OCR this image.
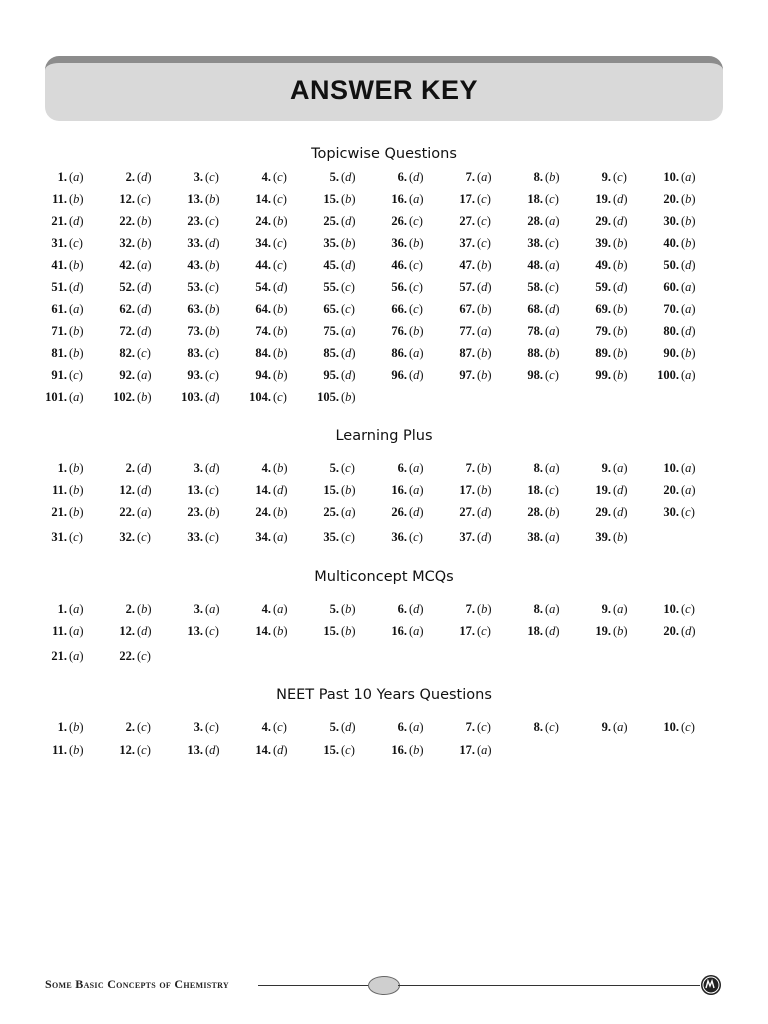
ANSWER KEY
Topicwise Questions
Learning Plus
Multiconcept MCQs
NEET Past 10 Years Questions
1. (a)	2. (d)	3. (c)	4. (c)	5. (d)	6. (d)	7. (a)	8. (b)	9. (c)	10. (a)
11. (b)	12. (c)	13. (b)	14. (c)	15. (b)	16. (a)	17. (c)	18. (c)	19. (d)	20. (b)
21. (d)	22. (b)	23. (c)	24. (b)	25. (d)	26. (c)	27. (c)	28. (a)	29. (d)	30. (b)
31. (c)	32. (b)	33. (d)	34. (c)	35. (b)	36. (b)	37. (c)	38. (c)	39. (b)	40. (b)
41. (b)	42. (a)	43. (b)	44. (c)	45. (d)	46. (c)	47. (b)	48. (a)	49. (b)	50. (d)
51. (d)	52. (d)	53. (c)	54. (d)	55. (c)	56. (c)	57. (d)	58. (c)	59. (d)	60. (a)
61. (a)	62. (d)	63. (b)	64. (b)	65. (c)	66. (c)	67. (b)	68. (d)	69. (b)	70. (a)
71. (b)	72. (d)	73. (b)	74. (b)	75. (a)	76. (b)	77. (a)	78. (a)	79. (b)	80. (d)
81. (b)	82. (c)	83. (c)	84. (b)	85. (d)	86. (a)	87. (b)	88. (b)	89. (b)	90. (b)
91. (c)	92. (a)	93. (c)	94. (b)	95. (d)	96. (d)	97. (b)	98. (c)	99. (b) 100. (a)
101. (a) 102. (b) 103. (d) 104. (c) 105. (b)
1. (b)	2. (d)	3. (d)	4. (b)	5. (c)	6. (a)	7. (b)	8. (a)	9. (a)	10. (a)
11. (b)	12. (d)	13. (c)	14. (d)	15. (b)	16. (a)	17. (b)	18. (c)	19. (d)	20. (a)
21. (b)	22. (a)	23. (b)	24. (b)	25. (a)	26. (d)	27. (d)	28. (b)	29. (d)	30. (c)
31. (c)	32. (c)	33. (c)	34. (a)	35. (c)	36. (c)	37. (d)	38. (a)	39. (b)
1. (a)	2. (b)	3. (a)	4. (a)	5. (b)	6. (d)	7. (b)	8. (a)	9. (a)	10. (c)
11. (a)	12. (d)	13. (c)	14. (b)	15. (b)	16. (a)	17. (c)	18. (d)	19. (b)	20. (d)
21. (a)	22. (c)
1. (b)	2. (c)	3. (c)	4. (c)	5. (d)	6. (a)	7. (c)	8. (c)	9. (a)	10. (c)
11. (b)	12. (c)	13. (d)	14. (d)	15. (c)	16. (b)	17. (a)
Some Basic Concepts of Chemistry
